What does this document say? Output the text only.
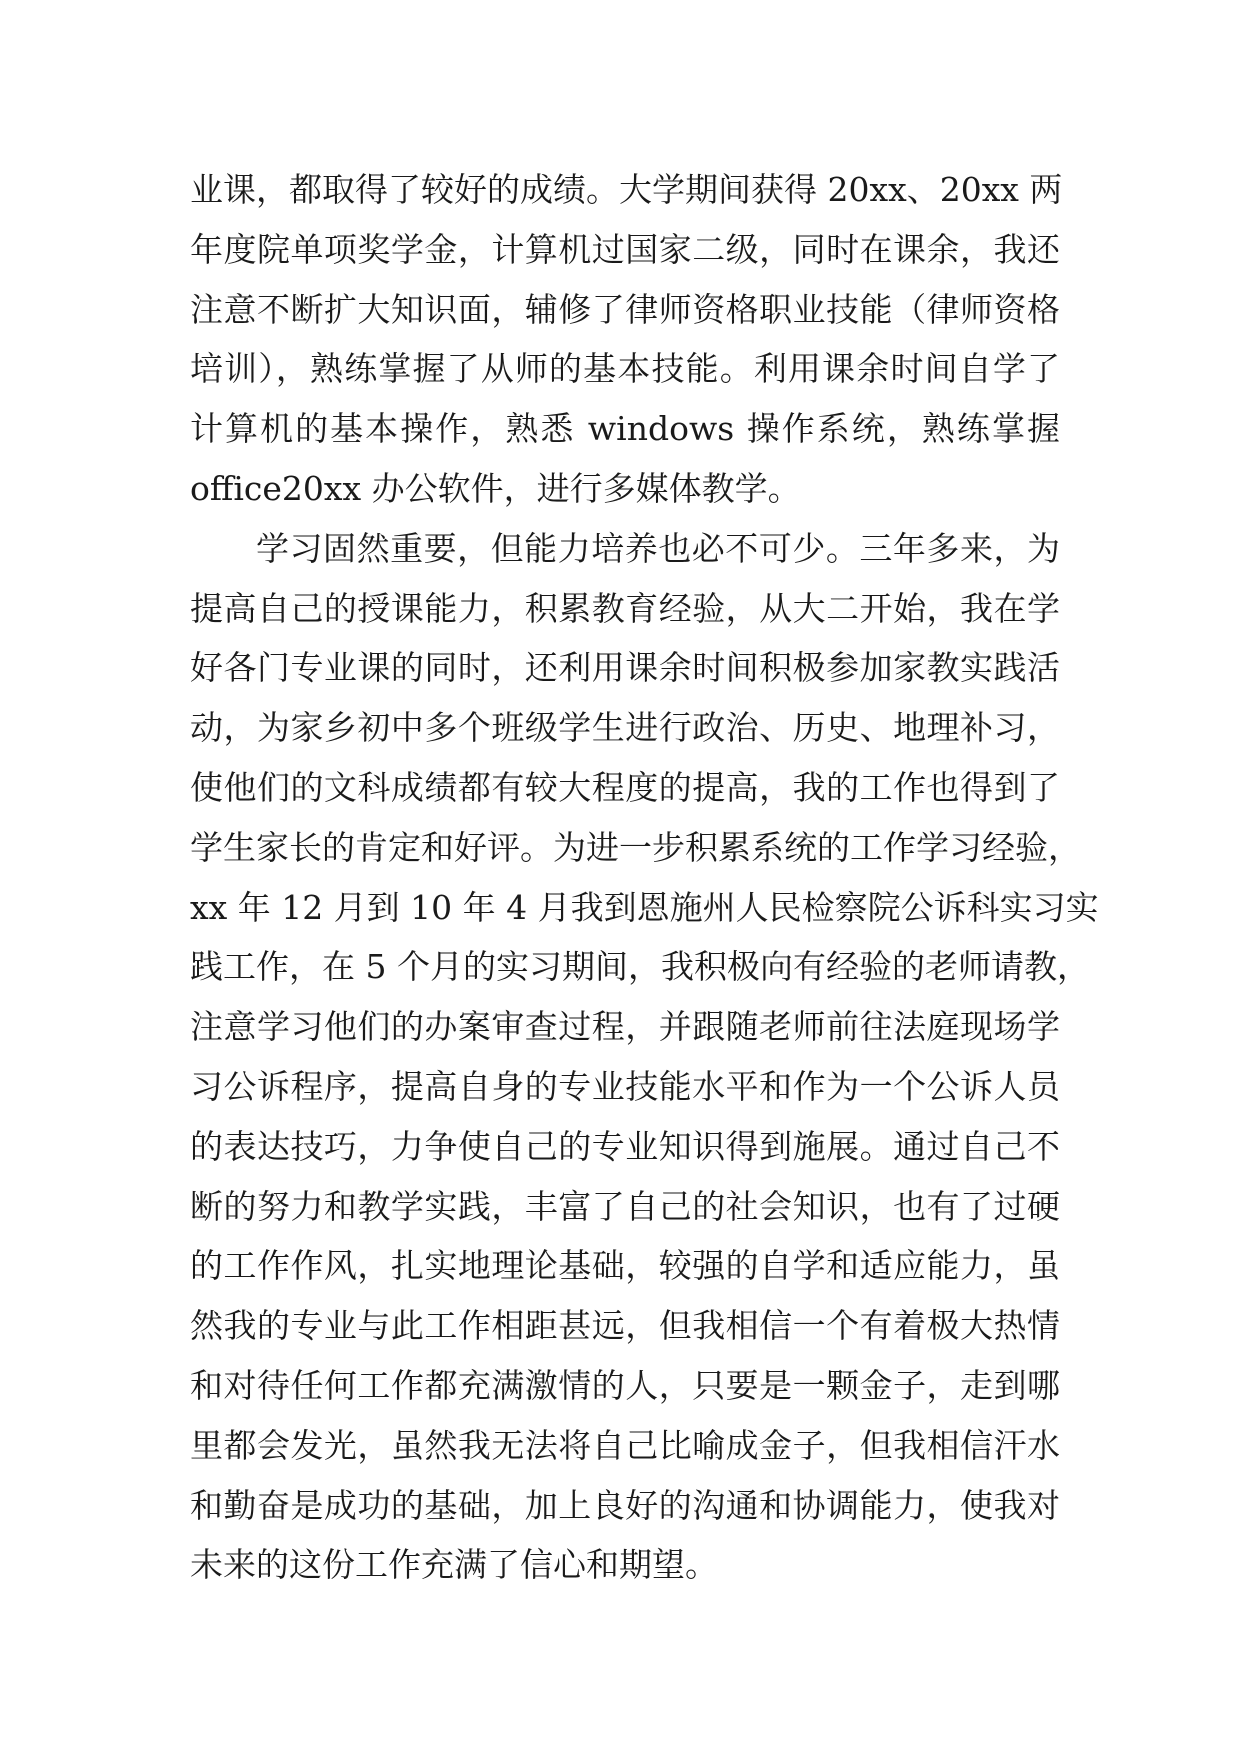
业课，都取得了较好的成绩。大学期间获得 20xx、20xx 两
年度院单项奖学金，计算机过国家二级，同时在课余，我还
注意不断扩大知识面，辅修了律师资格职业技能（律师资格
培训），熟练掌握了从师的基本技能。利用课余时间自学了
计算机的基本操作，熟悉 windows 操作系统，熟练掌握
office20xx 办公软件，进行多媒体教学。
学习固然重要，但能力培养也必不可少。三年多来，为
提高自己的授课能力，积累教育经验，从大二开始，我在学
好各门专业课的同时，还利用课余时间积极参加家教实践活
动，为家乡初中多个班级学生进行政治、历史、地理补习，
使他们的文科成绩都有较大程度的提高，我的工作也得到了
学生家长的肯定和好评。为进一步积累系统的工作学习经验，
xx 年 12 月到 10 年 4 月我到恩施州人民检察院公诉科实习实
践工作，在 5 个月的实习期间，我积极向有经验的老师请教，
注意学习他们的办案审查过程，并跟随老师前往法庭现场学
习公诉程序，提高自身的专业技能水平和作为一个公诉人员
的表达技巧，力争使自己的专业知识得到施展。通过自己不
断的努力和教学实践，丰富了自己的社会知识，也有了过硬
的工作作风，扎实地理论基础，较强的自学和适应能力，虽
然我的专业与此工作相距甚远，但我相信一个有着极大热情
和对待任何工作都充满激情的人，只要是一颗金子，走到哪
里都会发光，虽然我无法将自己比喻成金子，但我相信汗水
和勤奋是成功的基础，加上良好的沟通和协调能力，使我对
未来的这份工作充满了信心和期望。
